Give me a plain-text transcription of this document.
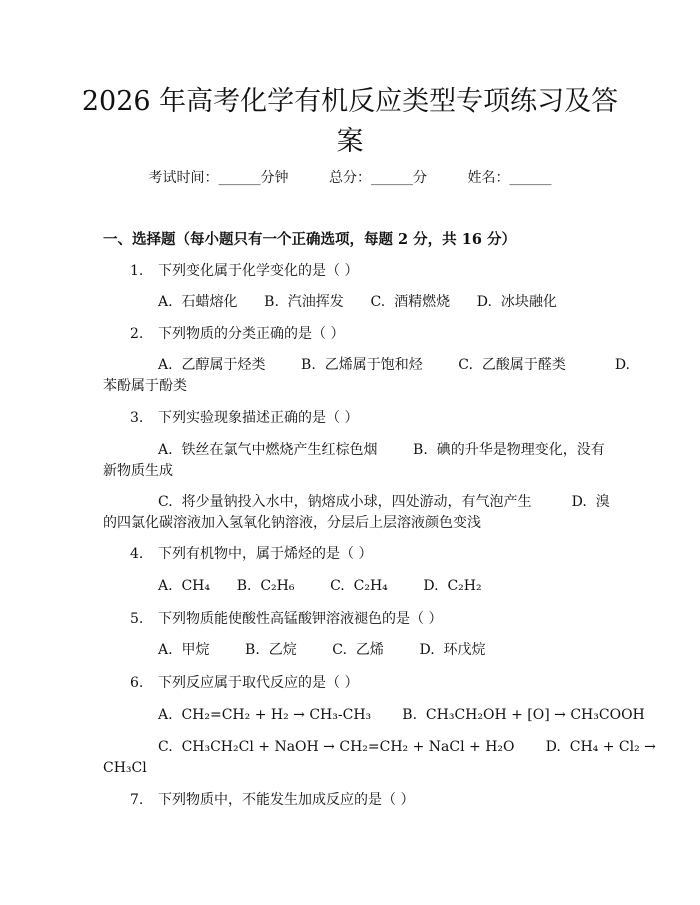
2026 年高考化学有机反应类型专项练习及答
案
考试时间：______分钟	总分：______分	姓名：______
一、选择题（每小题只有一个正确选项，每题 2 分，共 16 分）
1. 下列变化属于化学变化的是（ ）
A.  石蜡熔化      B.  汽油挥发      C.  酒精燃烧      D.  冰块融化
2. 下列物质的分类正确的是（ ）
A.  乙醇属于烃类        B.  乙烯属于饱和烃        C.  乙酸属于醛类           D.
苯酚属于酚类
3. 下列实验现象描述正确的是（ ）
A.  铁丝在氯气中燃烧产生红棕色烟        B.  碘的升华是物理变化，没有
新物质生成
C.  将少量钠投入水中，钠熔成小球，四处游动，有气泡产生         D.  溴
的四氯化碳溶液加入氢氧化钠溶液，分层后上层溶液颜色变浅
4. 下列有机物中，属于烯烃的是（ ）
A.  CH₄      B.  C₂H₆        C.  C₂H₄        D.  C₂H₂
5. 下列物质能使酸性高锰酸钾溶液褪色的是（ ）
A.  甲烷        B.  乙烷        C.  乙烯        D.  环戊烷
6. 下列反应属于取代反应的是（ ）
A.  CH₂=CH₂ + H₂ → CH₃-CH₃       B.  CH₃CH₂OH + [O] → CH₃COOH
C.  CH₃CH₂Cl + NaOH → CH₂=CH₂ + NaCl + H₂O       D.  CH₄ + Cl₂ →
CH₃Cl
7. 下列物质中，不能发生加成反应的是（ ）
